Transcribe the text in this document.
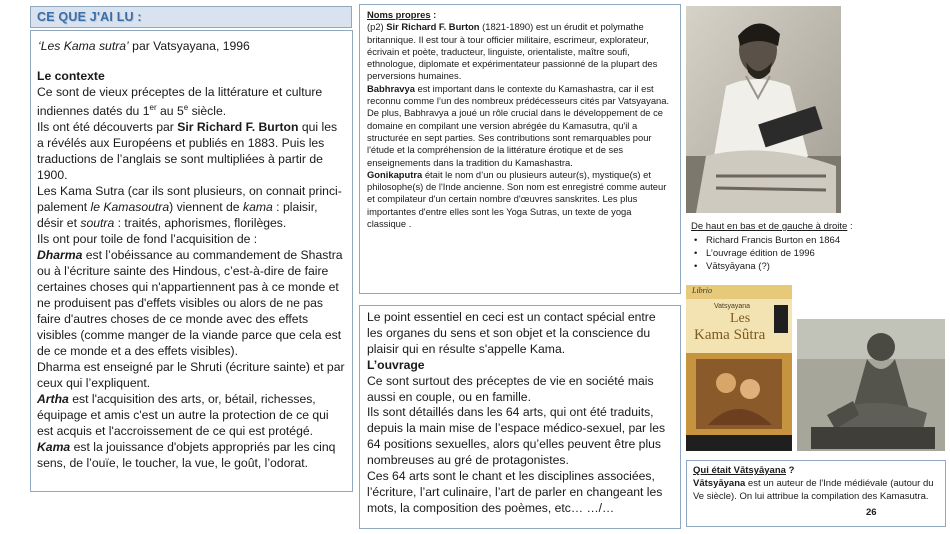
CE QUE J'AI LU :

‘Les Kama sutra’ par Vatsyayana, 1996

Le contexte

Ce sont de vieux préceptes de la littérature et culture indiennes datés du 1er au 5e siècle.

Ils ont été découverts par Sir Richard F. Burton qui les a révélés aux Européens et publiés en 1883. Puis les traductions de l’anglais se sont multipliées à partir de 1900.

Les Kama Sutra (car ils sont plusieurs, on connait princi-palement le Kamasoutra) viennent de kama : plaisir, désir et soutra : traités, aphorismes, florilèges.

Ils ont pour toile de fond l’acquisition de :

Dharma est l’obéissance au commandement de Shastra ou à l’écriture sainte des Hindous, c’est-à-dire de faire certaines choses qui n'appartiennent pas à ce monde et ne produisent pas d'effets visibles ou alors de ne pas faire d'autres choses de ce monde avec des effets visibles (comme manger de la viande parce que cela est de ce monde et a des effets visibles).

Dharma est enseigné par le Shruti (écriture sainte) et par ceux qui l’expliquent.

Artha est l'acquisition des arts, or, bétail, richesses, équipage et amis c'est un autre la protection de ce qui est acquis et l'accroissement de ce qui est protégé.

Kama est la jouissance d'objets appropriés par les cinq sens, de l’ouïe, le toucher, la vue, le goût, l’odorat.

Noms propres :

(p2) Sir Richard F. Burton (1821-1890) est un érudit et polymathe britannique. Il est tour à tour officier militaire, escrimeur, explorateur, écrivain et poète, traducteur, linguiste, orientaliste, maître soufi, ethnologue, diplomate et expérimentateur passionné de la plupart des perversions humaines.

Babhravya est important dans le contexte du Kamashastra, car il est reconnu comme l’un des nombreux prédécesseurs cités par Vatsyayana. De plus, Babhravya a joué un rôle crucial dans le développement de ce domaine en compilant une version abrégée du Kamasutra, qu'il a structurée en sept parties. Ses contributions sont remarquables pour l'étude et la compréhension de la littérature érotique et de ses enseignements dans la tradition du Kamashastra.

Gonikaputra était le nom d’un ou plusieurs auteur(s), mystique(s) et philosophe(s) de l'Inde ancienne. Son nom est enregistré comme auteur et compilateur d'un certain nombre d'œuvres sanskrites. Les plus importantes d'entre elles sont les Yoga Sutras, un texte de yoga classique .

Le point essentiel en ceci est un contact spécial entre les organes du sens et son objet et la conscience du plaisir qui en résulte s'appelle Kama.

L’ouvrage

Ce sont surtout des préceptes de vie en société mais aussi en couple, ou en famille.

Ils sont détaillés dans les 64 arts, qui ont été traduits, depuis la main mise de l’espace médico-sexuel, par les 64 positions sexuelles, alors qu’elles peuvent être plus nombreuses au gré de protagonistes.

Ces 64 arts sont le chant et les disciplines associées, l’écriture, l’art culinaire, l’art de parler en changeant les mots, la composition des poèmes, etc… …/…

De haut en bas et de gauche à droite :

• Richard Francis Burton en 1864
• L’ouvrage édition de 1996
• Vātsyāyana (?)
Librio
Vatsyayana
Les
Kama Sûtra

Qui était Vātsyāyana ?

Vātsyāyana est un auteur de l'Inde médiévale (autour du Ve siècle). On lui attribue la compilation des Kamasutra.

26
